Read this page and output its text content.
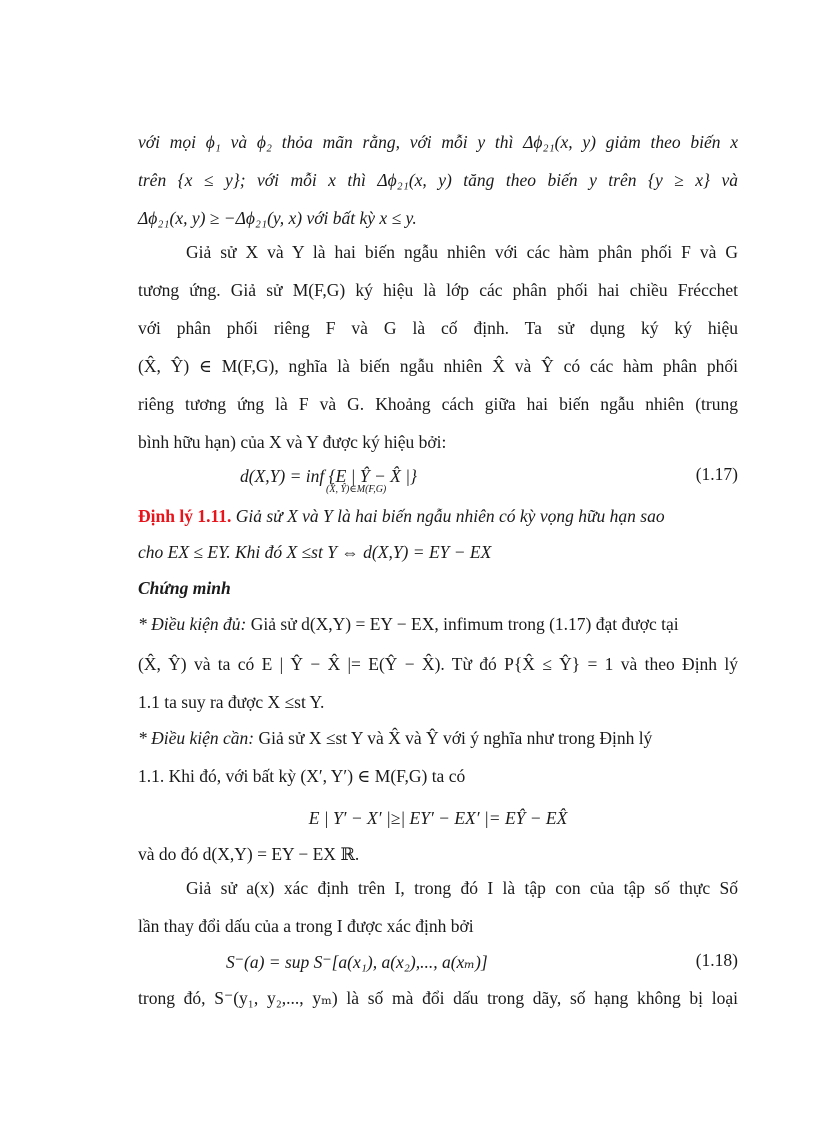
với mọi ϕ₁ và ϕ₂ thỏa mãn rằng, với mỗi y thì Δϕ₂₁(x, y) giảm theo biến x
trên {x ≤ y}; với mỗi x thì Δϕ₂₁(x, y) tăng theo biến y trên {y ≥ x} và
Δϕ₂₁(x, y) ≥ −Δϕ₂₁(y, x) với bất kỳ x ≤ y.
Giả sử X và Y là hai biến ngẫu nhiên với các hàm phân phối F và G
tương ứng. Giả sử M(F,G) ký hiệu là lớp các phân phối hai chiều Frécchet
với phân phối riêng F và G là cố định. Ta sử dụng ký ký hiệu
(X̂, Ŷ) ∈ M(F,G), nghĩa là biến ngẫu nhiên X̂ và Ŷ có các hàm phân phối
riêng tương ứng là F và G. Khoảng cách giữa hai biến ngẫu nhiên (trung
bình hữu hạn) của X và Y được ký hiệu bởi:
d(X,Y) = inf {E | Ŷ − X̂ |}
(X̂, Ŷ)∈M(F,G)
(1.17)
Định lý 1.11. Giả sử X và Y là hai biến ngẫu nhiên có kỳ vọng hữu hạn sao
cho EX ≤ EY. Khi đó X ≤st Y ⇔ d(X,Y) = EY − EX
Chứng minh
* Điều kiện đủ: Giả sử d(X,Y) = EY − EX, infimum trong (1.17) đạt được tại
(X̂, Ŷ) và ta có E | Ŷ − X̂ |= E(Ŷ − X̂). Từ đó P{X̂ ≤ Ŷ} = 1 và theo Định lý
1.1 ta suy ra được X ≤st Y.
* Điều kiện cần: Giả sử X ≤st Y và X̂ và Ŷ với ý nghĩa như trong Định lý
1.1. Khi đó, với bất kỳ (X′, Y′) ∈ M(F,G) ta có
E | Y′ − X′ |≥| EY′ − EX′ |= EŶ − EX̂
và do đó d(X,Y) = EY − EX ℝ.
Giả sử a(x) xác định trên I, trong đó I là tập con của tập số thực Số
lần thay đổi dấu của a trong I được xác định bởi
S⁻(a) = sup S⁻[a(x₁), a(x₂),..., a(xₘ)]	(1.18)
trong đó, S⁻(y₁, y₂,..., yₘ) là số mà đổi dấu trong dãy, số hạng không bị loại
